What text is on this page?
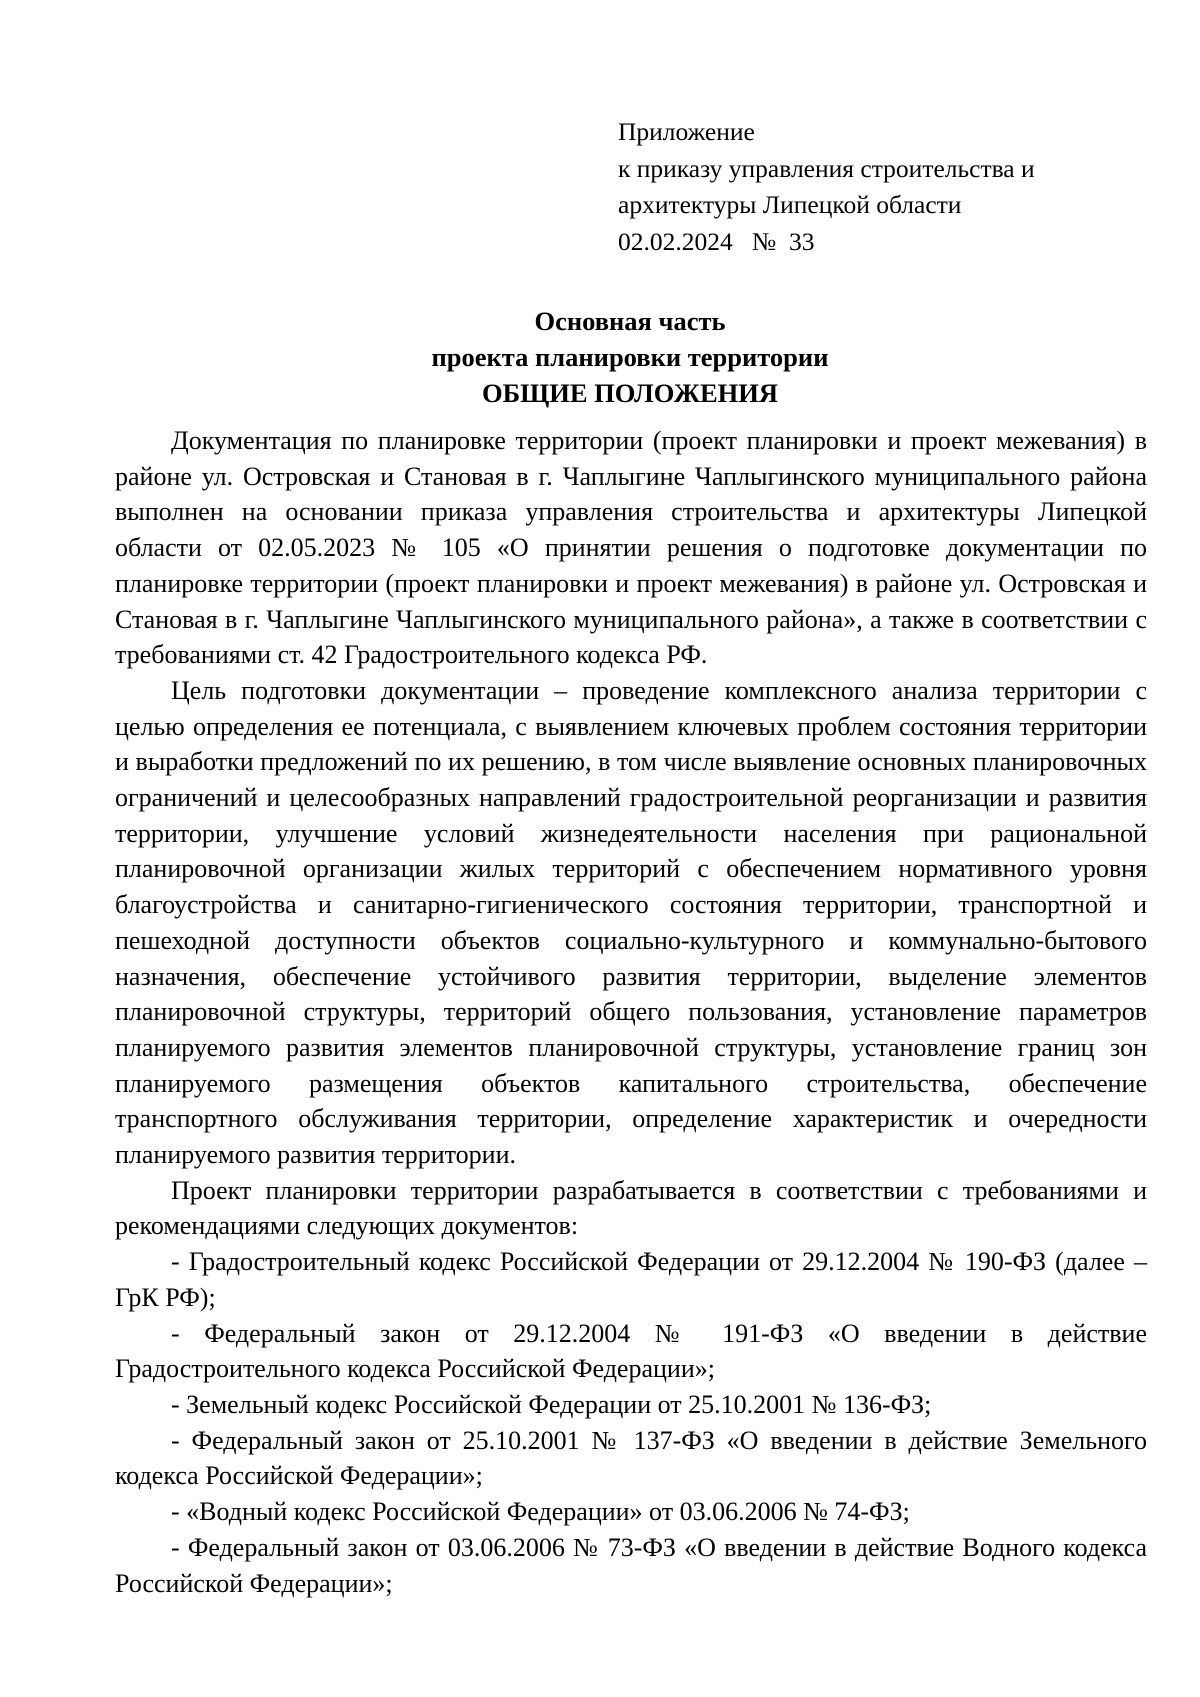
Приложение
к приказу управления строительства и
архитектуры Липецкой области
02.02.2024   №  33
Основная часть
проекта планировки территории
ОБЩИЕ ПОЛОЖЕНИЯ

Документация по планировке территории (проект планировки и проект межевания) в районе ул. Островская и Становая в г. Чаплыгине Чаплыгинского муниципального района выполнен на основании приказа управления строительства и архитектуры Липецкой области от 02.05.2023 № 105 «О принятии решения о подготовке документации по планировке территории (проект планировки и проект межевания) в районе ул. Островская и Становая в г. Чаплыгине Чаплыгинского муниципального района», а также в соответствии с требованиями ст. 42 Градостроительного кодекса РФ.

Цель подготовки документации – проведение комплексного анализа территории с целью определения ее потенциала, с выявлением ключевых проблем состояния территории и выработки предложений по их решению, в том числе выявление основных планировочных ограничений и целесообразных направлений градостроительной реорганизации и развития территории, улучшение условий жизнедеятельности населения при рациональной планировочной организации жилых территорий с обеспечением нормативного уровня благоустройства и санитарно-гигиенического состояния территории, транспортной и пешеходной доступности объектов социально-культурного и коммунально-бытового назначения, обеспечение устойчивого развития территории, выделение элементов планировочной структуры, территорий общего пользования, установление параметров планируемого развития элементов планировочной структуры, установление границ зон планируемого размещения объектов капитального строительства, обеспечение транспортного обслуживания территории, определение характеристик и очередности планируемого развития территории.

Проект планировки территории разрабатывается в соответствии с требованиями и рекомендациями следующих документов:

- Градостроительный кодекс Российской Федерации от 29.12.2004 № 190-ФЗ (далее – ГрК РФ);

- Федеральный закон от 29.12.2004 № 191-ФЗ «О введении в действие Градостроительного кодекса Российской Федерации»;

- Земельный кодекс Российской Федерации от 25.10.2001 № 136-ФЗ;

- Федеральный закон от 25.10.2001 № 137-ФЗ «О введении в действие Земельного кодекса Российской Федерации»;

- «Водный кодекс Российской Федерации» от 03.06.2006 № 74-ФЗ;

- Федеральный закон от 03.06.2006 № 73-ФЗ «О введении в действие Водного кодекса Российской Федерации»;
